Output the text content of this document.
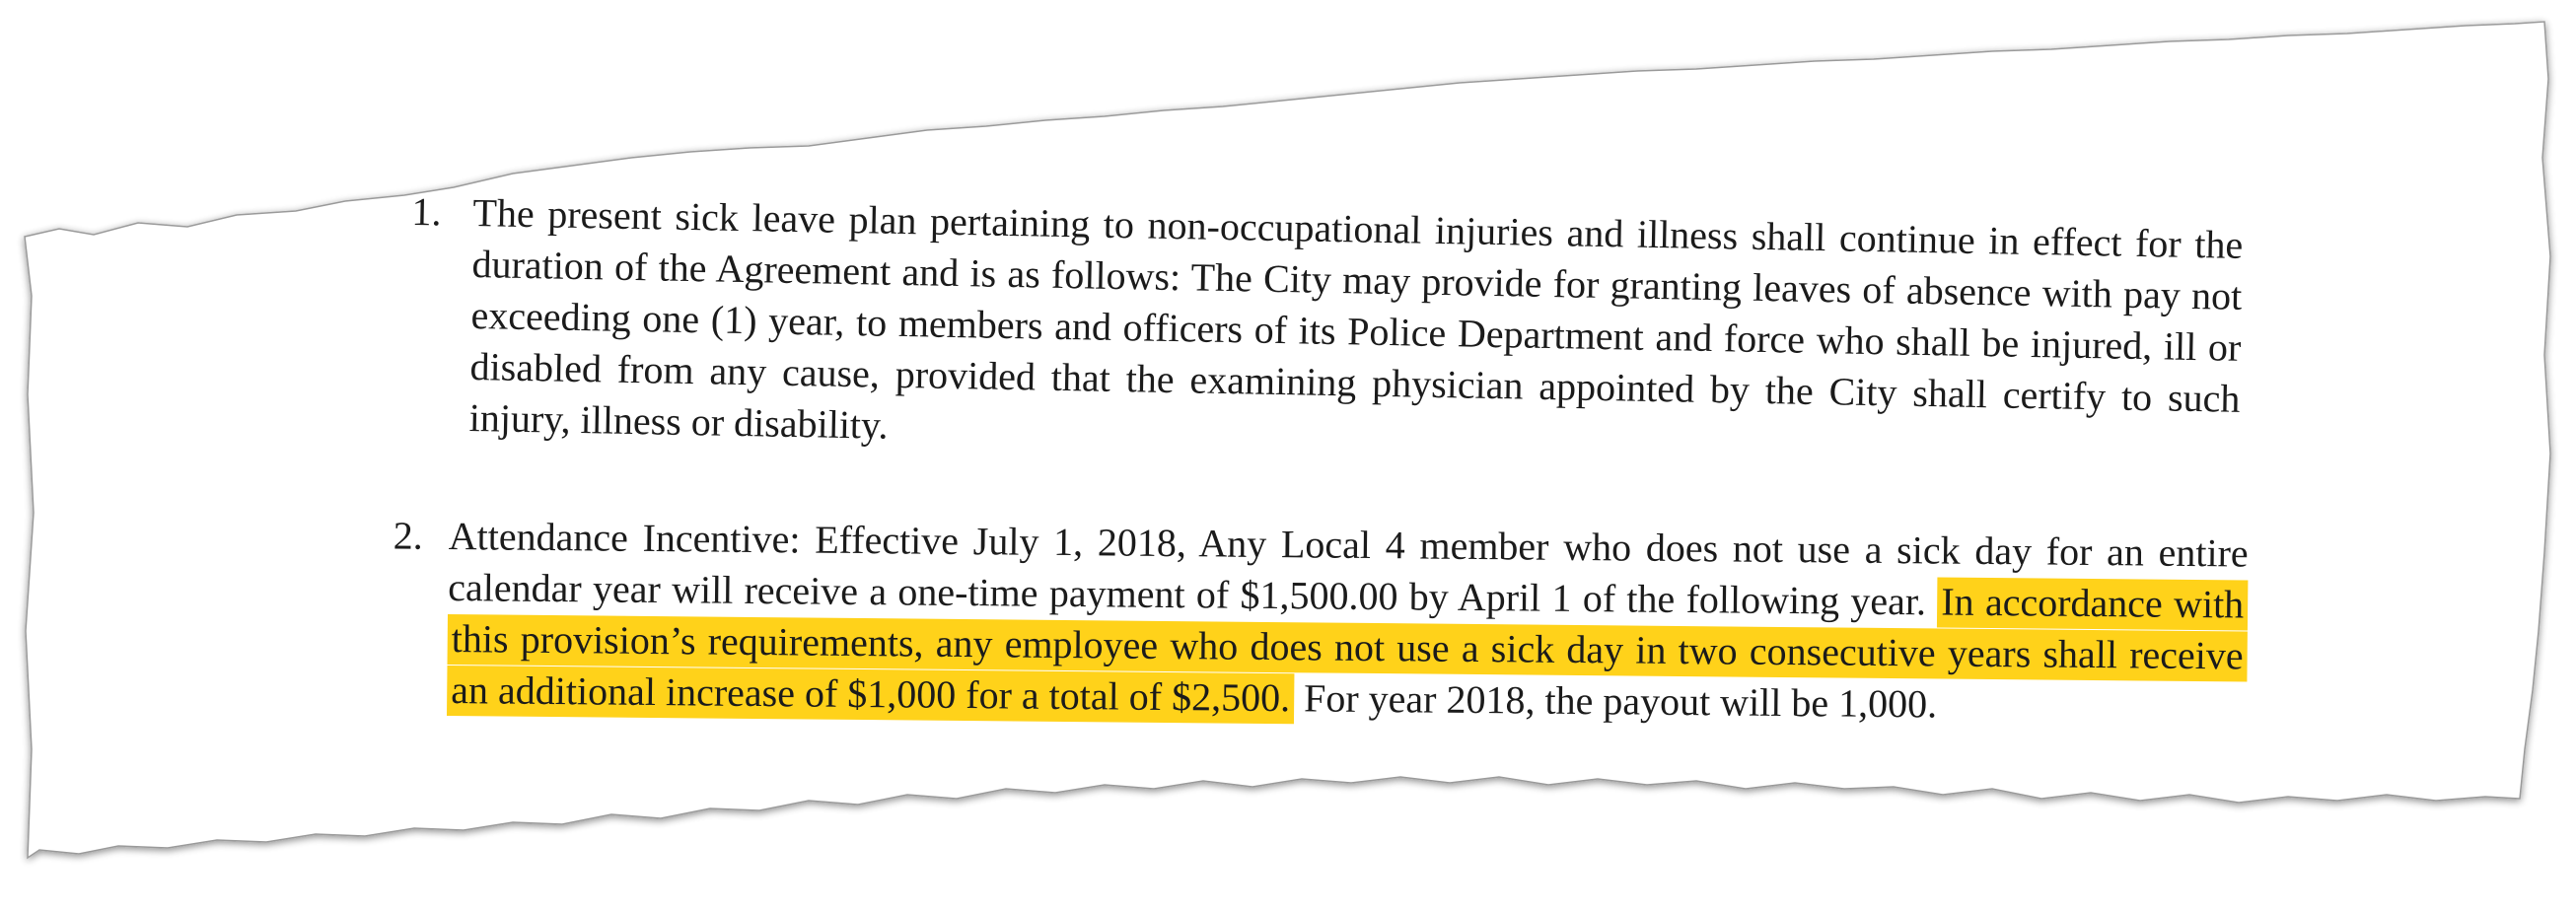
1. The present sick leave plan pertaining to non-occupational injuries and illness shall continue in effect for the duration of the Agreement and is as follows: The City may provide for granting leaves of absence with pay not exceeding one (1) year, to members and officers of its Police Department and force who shall be injured, ill or disabled from any cause, provided that the examining physician appointed by the City shall certify to such injury, illness or disability.
2. Attendance Incentive: Effective July 1, 2018, Any Local 4 member who does not use a sick day for an entire calendar year will receive a one-time payment of $1,500.00 by April 1 of the following year. In accordance with this provision’s requirements, any employee who does not use a sick day in two consecutive years shall receive an additional increase of $1,000 for a total of $2,500. For year 2018, the payout will be 1,000.
